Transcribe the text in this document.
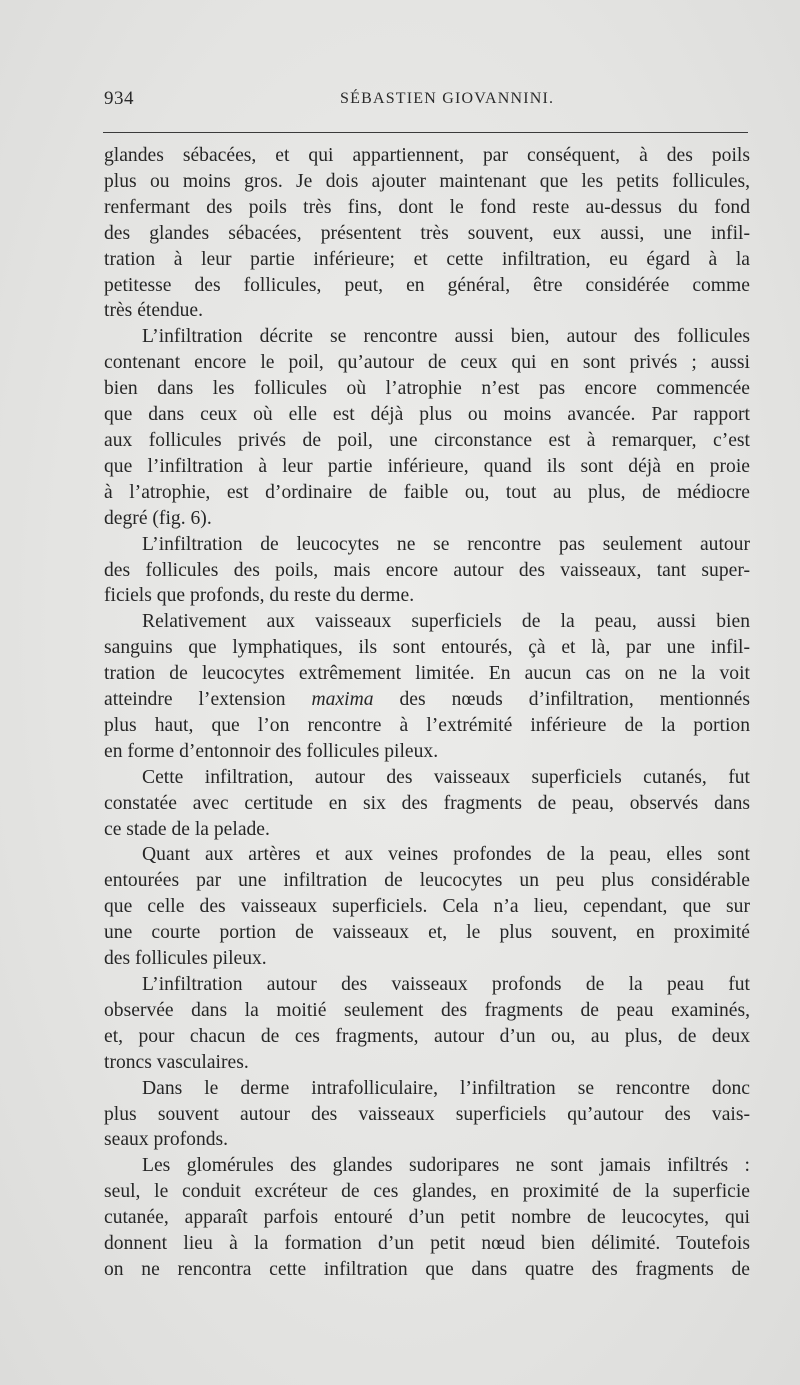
934	SÉBASTIEN GIOVANNINI.
glandes sébacées, et qui appartiennent, par conséquent, à des poils
plus ou moins gros. Je dois ajouter maintenant que les petits follicules,
renfermant des poils très fins, dont le fond reste au-dessus du fond
des glandes sébacées, présentent très souvent, eux aussi, une infil-
tration à leur partie inférieure; et cette infiltration, eu égard à la
petitesse des follicules, peut, en général, être considérée comme
très étendue.
L’infiltration décrite se rencontre aussi bien, autour des follicules
contenant encore le poil, qu’autour de ceux qui en sont privés ; aussi
bien dans les follicules où l’atrophie n’est pas encore commencée
que dans ceux où elle est déjà plus ou moins avancée. Par rapport
aux follicules privés de poil, une circonstance est à remarquer, c’est
que l’infiltration à leur partie inférieure, quand ils sont déjà en proie
à l’atrophie, est d’ordinaire de faible ou, tout au plus, de médiocre
degré (fig. 6).
L’infiltration de leucocytes ne se rencontre pas seulement autour
des follicules des poils, mais encore autour des vaisseaux, tant super-
ficiels que profonds, du reste du derme.
Relativement aux vaisseaux superficiels de la peau, aussi bien
sanguins que lymphatiques, ils sont entourés, çà et là, par une infil-
tration de leucocytes extrêmement limitée. En aucun cas on ne la voit
atteindre l’extension maxima des nœuds d’infiltration, mentionnés
plus haut, que l’on rencontre à l’extrémité inférieure de la portion
en forme d’entonnoir des follicules pileux.
Cette infiltration, autour des vaisseaux superficiels cutanés, fut
constatée avec certitude en six des fragments de peau, observés dans
ce stade de la pelade.
Quant aux artères et aux veines profondes de la peau, elles sont
entourées par une infiltration de leucocytes un peu plus considérable
que celle des vaisseaux superficiels. Cela n’a lieu, cependant, que sur
une courte portion de vaisseaux et, le plus souvent, en proximité
des follicules pileux.
L’infiltration autour des vaisseaux profonds de la peau fut
observée dans la moitié seulement des fragments de peau examinés,
et, pour chacun de ces fragments, autour d’un ou, au plus, de deux
troncs vasculaires.
Dans le derme intrafolliculaire, l’infiltration se rencontre donc
plus souvent autour des vaisseaux superficiels qu’autour des vais-
seaux profonds.
Les glomérules des glandes sudoripares ne sont jamais infiltrés :
seul, le conduit excréteur de ces glandes, en proximité de la superficie
cutanée, apparaît parfois entouré d’un petit nombre de leucocytes, qui
donnent lieu à la formation d’un petit nœud bien délimité. Toutefois
on ne rencontra cette infiltration que dans quatre des fragments de
